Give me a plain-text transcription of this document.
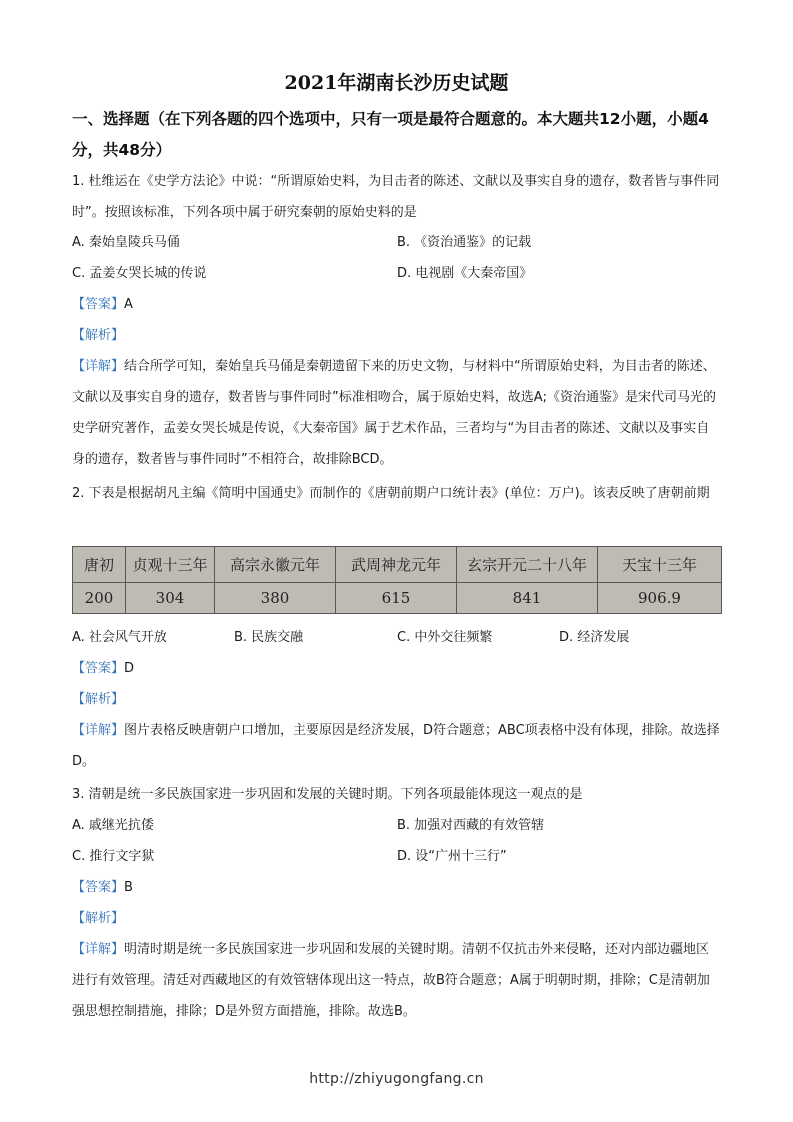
2021年湖南长沙历史试题
一、选择题（在下列各题的四个选项中，只有一项是最符合题意的。本大题共12小题，小题4分，共48分）
1. 杜维运在《史学方法论》中说：“所谓原始史料，为目击者的陈述、文献以及事实自身的遗存，数者皆与事件同时”。按照该标准，下列各项中属于研究秦朝的原始史料的是
A. 秦始皇陵兵马俑	B. 《资治通鉴》的记载
C. 孟姜女哭长城的传说	D. 电视剧《大秦帝国》
【答案】A
【解析】
【详解】结合所学可知，秦始皇兵马俑是秦朝遗留下来的历史文物，与材料中“所谓原始史料，为目击者的陈述、文献以及事实自身的遗存，数者皆与事件同时”标准相吻合，属于原始史料，故选A;《资治通鉴》是宋代司马光的史学研究著作，孟姜女哭长城是传说，《大秦帝国》属于艺术作品，三者均与“为目击者的陈述、文献以及事实自身的遗存，数者皆与事件同时”不相符合，故排除BCD。
2. 下表是根据胡凡主编《简明中国通史》而制作的《唐朝前期户口统计表》(单位：万户)。该表反映了唐朝前期
唐初	贞观十三年	高宗永徽元年	武周神龙元年	玄宗开元二十八年	天宝十三年
200	304	380	615	841	906.9
A. 社会风气开放	B. 民族交融	C. 中外交往频繁	D. 经济发展
【答案】D
【解析】
【详解】图片表格反映唐朝户口增加，主要原因是经济发展，D符合题意；ABC项表格中没有体现，排除。故选择D。
3. 清朝是统一多民族国家进一步巩固和发展的关键时期。下列各项最能体现这一观点的是
A. 戚继光抗倭	B. 加强对西藏的有效管辖
C. 推行文字狱	D. 设“广州十三行”
【答案】B
【解析】
【详解】明清时期是统一多民族国家进一步巩固和发展的关键时期。清朝不仅抗击外来侵略，还对内部边疆地区进行有效管理。清廷对西藏地区的有效管辖体现出这一特点，故B符合题意；A属于明朝时期，排除；C是清朝加强思想控制措施，排除；D是外贸方面措施，排除。故选B。
http://zhiyugongfang.cn
